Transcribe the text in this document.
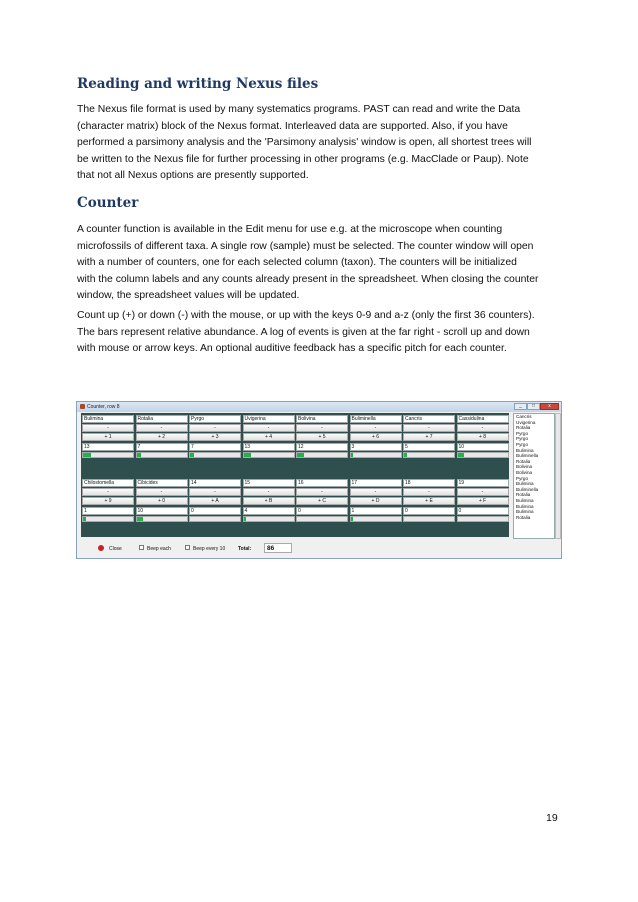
Reading and writing Nexus files
The Nexus file format is used by many systematics programs. PAST can read and write the Data
(character matrix) block of the Nexus format. Interleaved data are supported. Also, if you have
performed a parsimony analysis and the 'Parsimony analysis' window is open, all shortest trees will
be written to the Nexus file for further processing in other programs (e.g. MacClade or Paup). Note
that not all Nexus options are presently supported.
Counter
A counter function is available in the Edit menu for use e.g. at the microscope when counting
microfossils of different taxa. A single row (sample) must be selected. The counter window will open
with a number of counters, one for each selected column (taxon). The counters will be initialized
with the column labels and any counts already present in the spreadsheet. When closing the counter
window, the spreadsheet values will be updated.
Count up (+) or down (-) with the mouse, or up with the keys 0-9 and a-z (only the first 36 counters).
The bars represent relative abundance. A log of events is given at the far right - scroll up and down
with mouse or arrow keys. An optional auditive feedback has a specific pitch for each counter.
Counter, row 8	_	□	x
Bulimina
-
+ 1
13
Rotalia
-
+ 2
7
Pyrgo
-
+ 3
7
Uvigerina
-
+ 4
13
Bolivina
-
+ 5
12
Buliminella
-
+ 6
3
Cancris
-
+ 7
5
Cassidulina
-
+ 8
10
Chilostomella
-
+ 9
1
Cibicides
-
+ 0
10
14
-
+ A
0
15
-
+ B
4
16
-
+ C
0
17
-
+ D
1
18
-
+ E
0
19
-
+ F
0
Cancris
Uvigerina
Rotalia
Pyrgo
Pyrgo
Pyrgo
Bulimina
Buliminella
Rotalia
Bolivina
Bolivina
Pyrgo
Bulimina
Buliminella
Rotalia
Bulimina
Bulimina
Bulimina
Rotalia
Close	Beep each	Beep every 10	Total:	86
19
